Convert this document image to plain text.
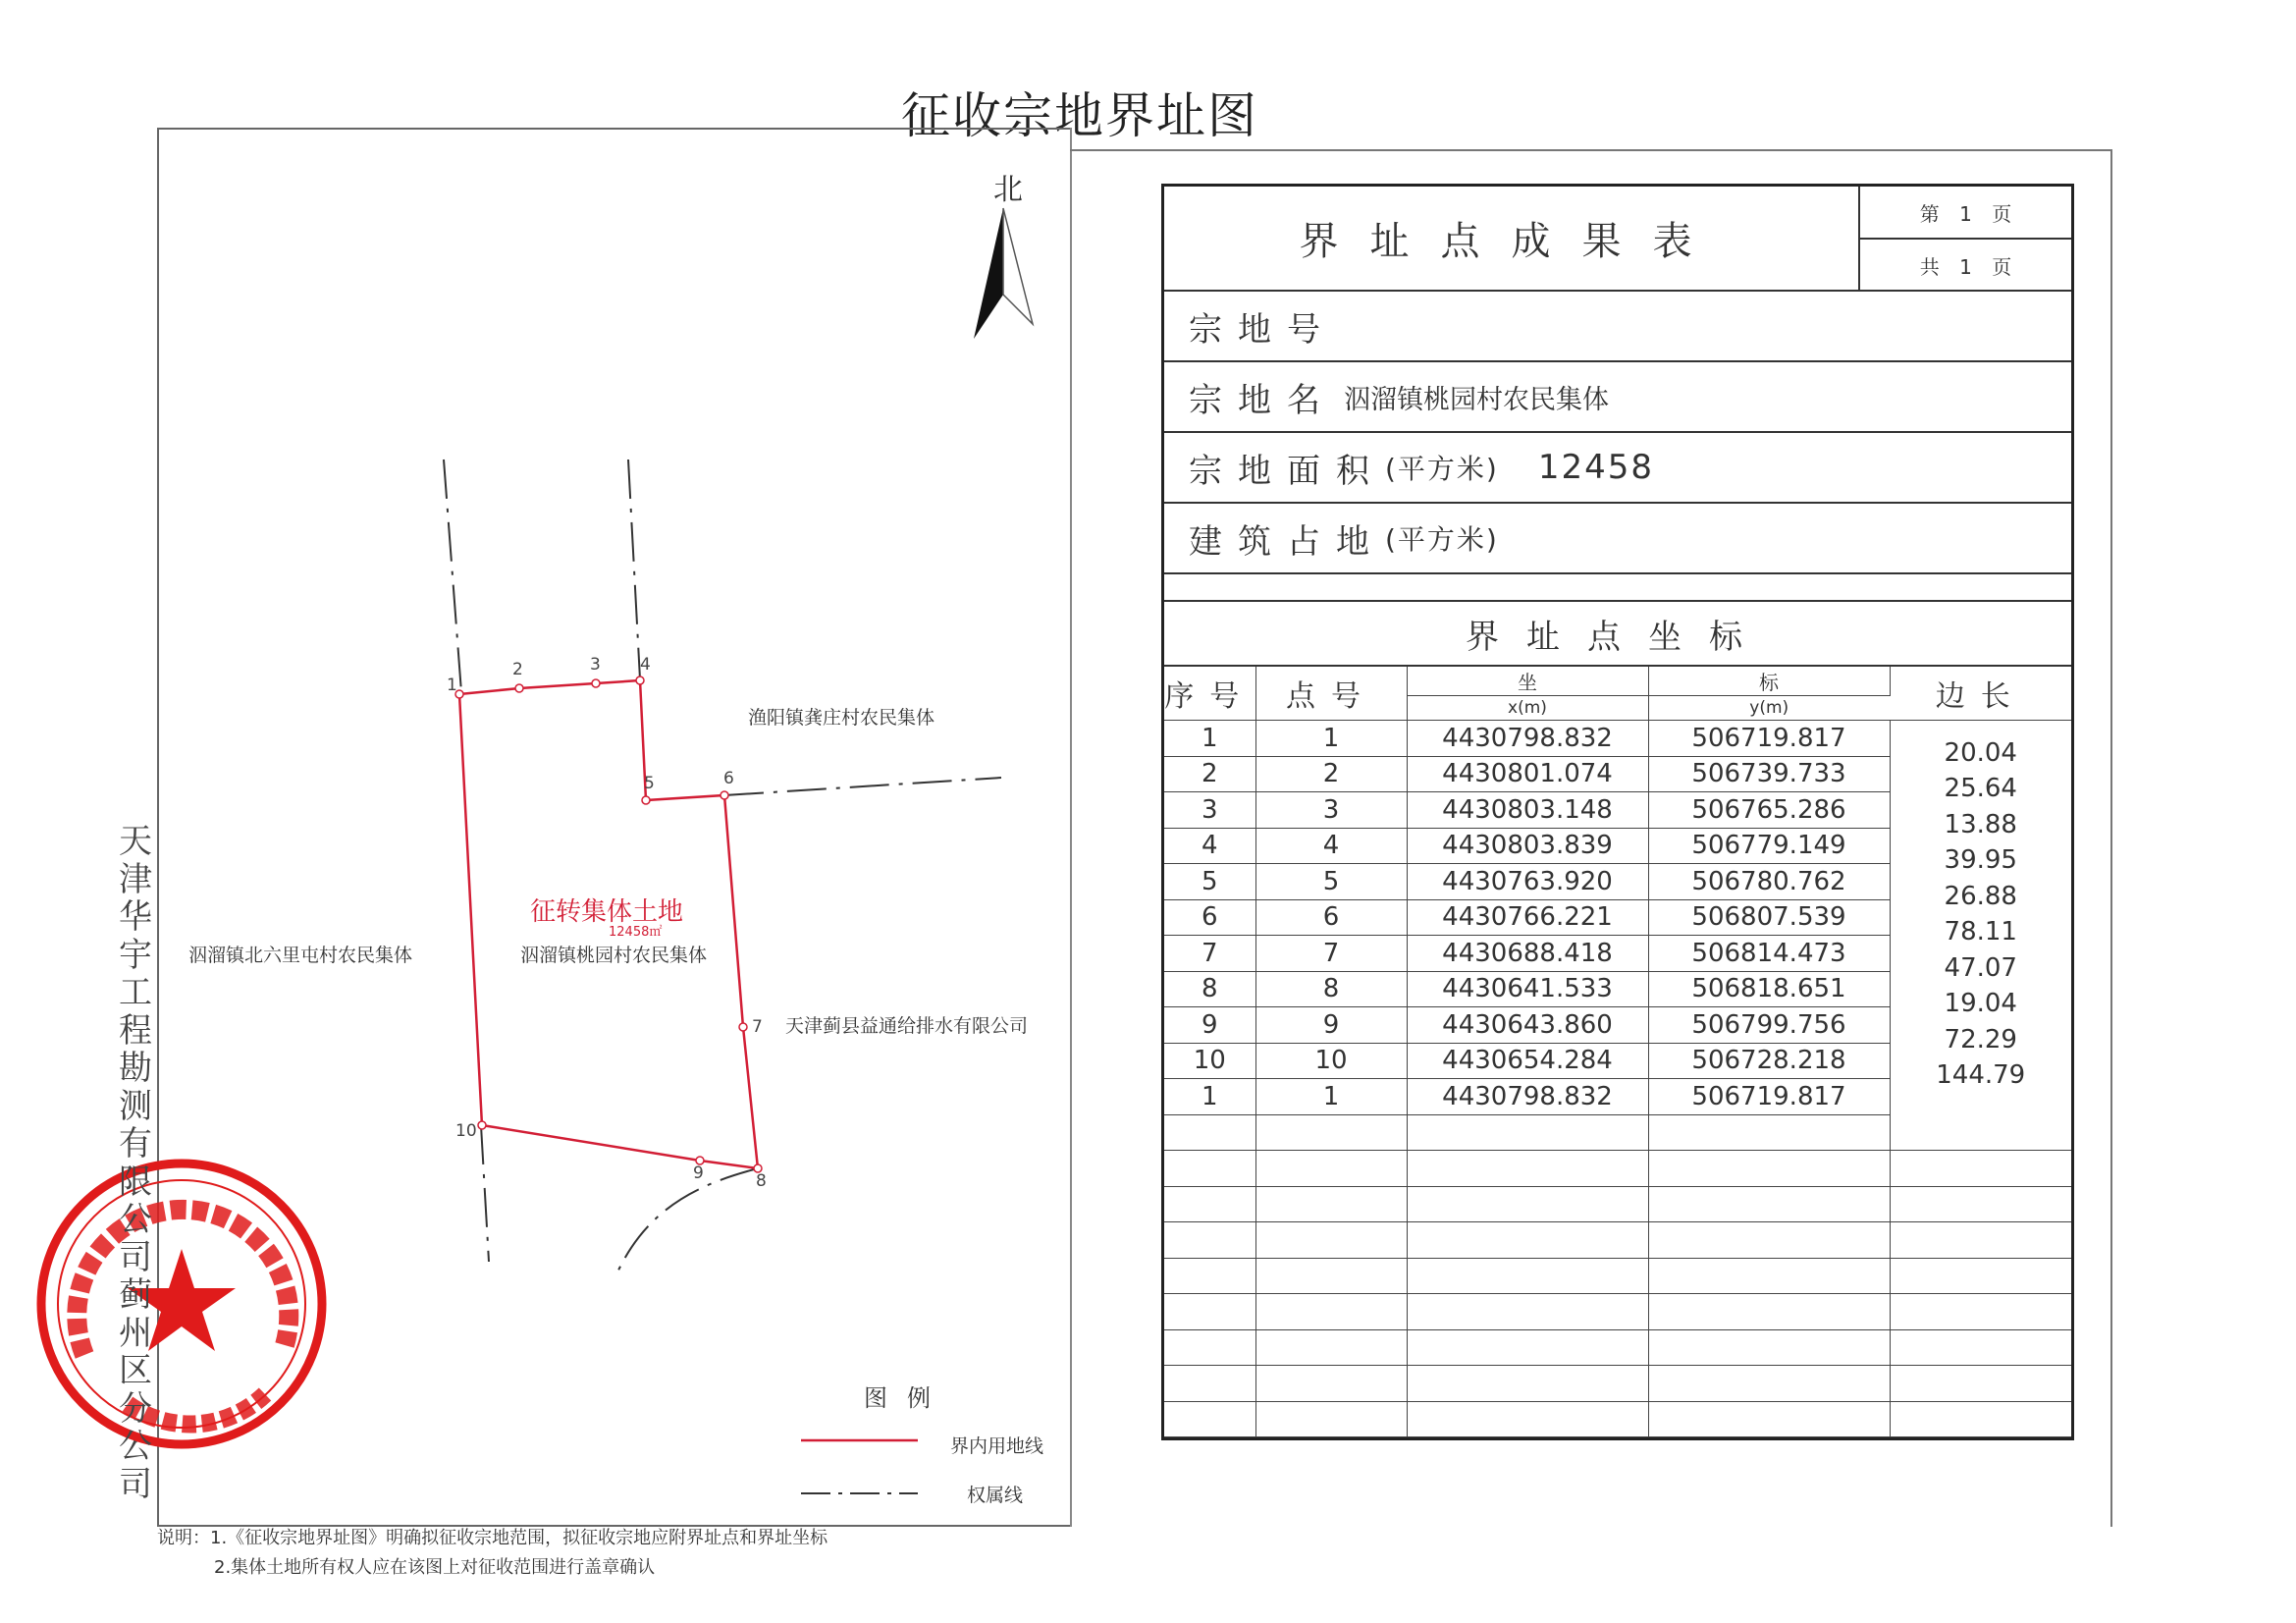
征收宗地界址图
北
1
2	3 4
5	6
7
8
9
10
征转集体土地
12458㎡
泅溜镇桃园村农民集体
渔阳镇龚庄村农民集体
泅溜镇北六里屯村农民集体
天津蓟县益通给排水有限公司
天津华宇工程勘测有限公司蓟州区分公司
图例
界内用地线
权属线
说明：1.《征收宗地界址图》明确拟征收宗地范围，拟征收宗地应附界址点和界址坐标
2.集体土地所有权人应在该图上对征收范围进行盖章确认
界址点成果表
第 1 页
共 1 页
宗地号
宗地名 泅溜镇桃园村农民集体
宗地面积 (平方米) 12458
建筑占地 (平方米)
界址点坐标
序号	点号	坐	标	边长
		x(m)	y(m)	
1	1	4430798.832	506719.817	20.04

2	2	4430801.074	506739.733	25.64

3	3	4430803.148	506765.286	13.88

4	4	4430803.839	506779.149	39.95

5	5	4430763.920	506780.762	26.88

6	6	4430766.221	506807.539	78.11

7	7	4430688.418	506814.473	47.07

8	8	4430641.533	506818.651	19.04

9	9	4430643.860	506799.756	72.29

10	10	4430654.284	506728.218	144.79

1	1	4430798.832	506719.817	
